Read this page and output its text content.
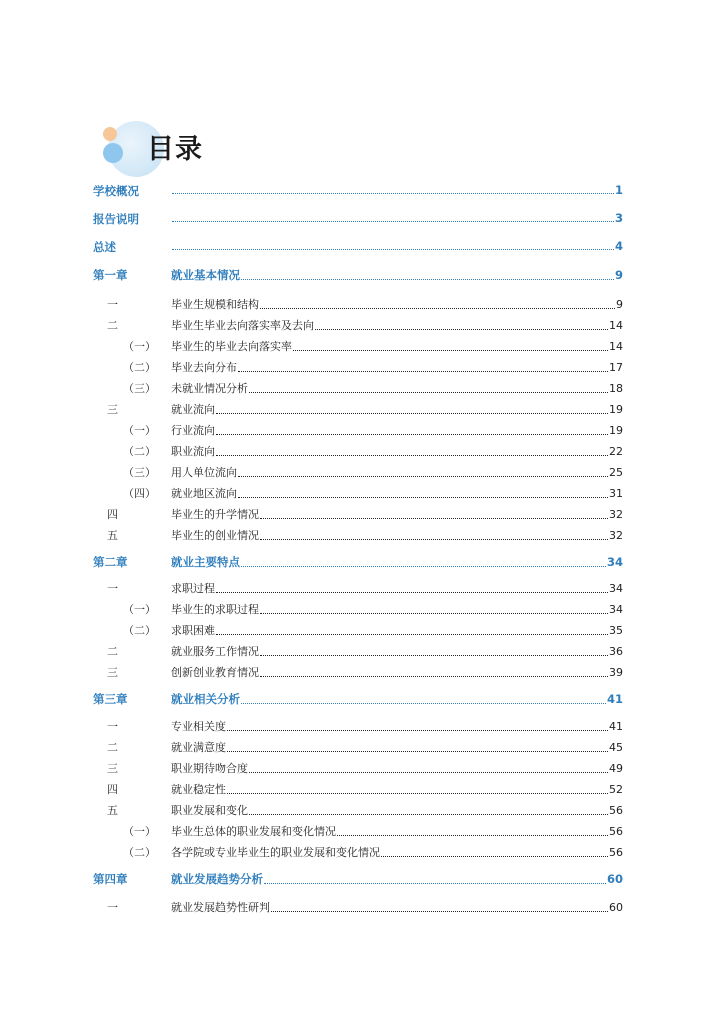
目录
学校概况	1
报告说明	3
总述	4
第一章	就业基本情况	9
一	毕业生规模和结构	9
二	毕业生毕业去向落实率及去向	14
（一） 毕业生的毕业去向落实率	14
（二） 毕业去向分布	17
（三） 未就业情况分析	18
三	就业流向	19
（一） 行业流向	19
（二） 职业流向	22
（三） 用人单位流向	25
（四） 就业地区流向	31
四	毕业生的升学情况	32
五	毕业生的创业情况	32
第二章	就业主要特点	34
一	求职过程	34
（一） 毕业生的求职过程	34
（二） 求职困难	35
二	就业服务工作情况	36
三	创新创业教育情况	39
第三章	就业相关分析	41
一	专业相关度	41
二	就业满意度	45
三	职业期待吻合度	49
四	就业稳定性	52
五	职业发展和变化	56
（一） 毕业生总体的职业发展和变化情况	56
（二） 各学院或专业毕业生的职业发展和变化情况	56
第四章	就业发展趋势分析	60
一	就业发展趋势性研判	60
